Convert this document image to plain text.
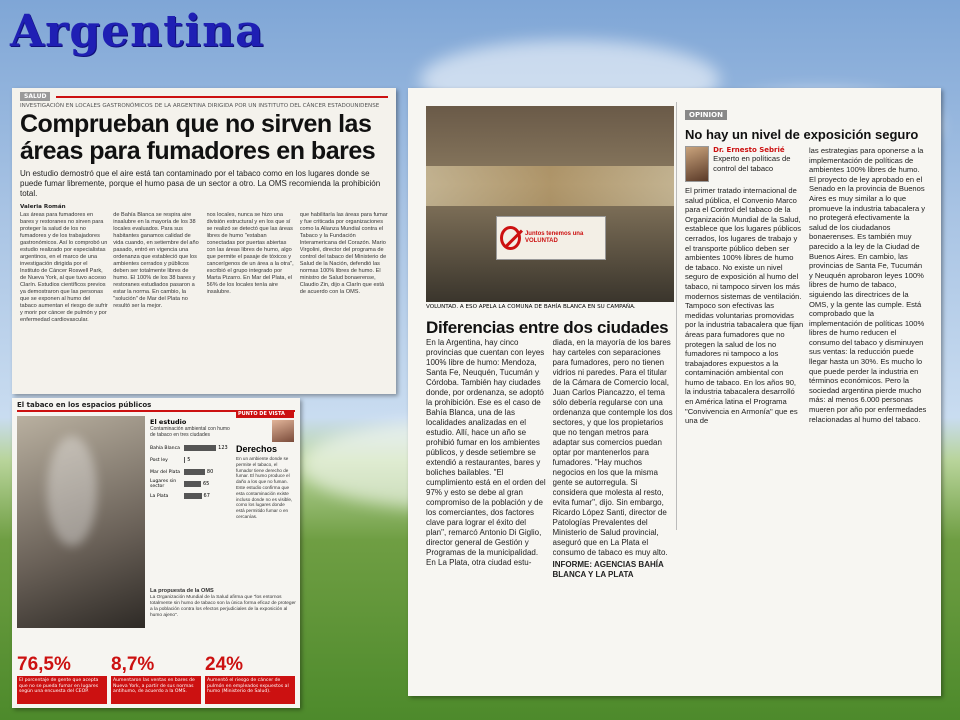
Argentina
SALUD
INVESTIGACIÓN EN LOCALES GASTRONÓMICOS DE LA ARGENTINA DIRIGIDA POR UN INSTITUTO DEL CÁNCER ESTADOUNIDENSE
Comprueban que no sirven las áreas para fumadores en bares
Un estudio demostró que el aire está tan contaminado por el tabaco como en los lugares donde se puede fumar libremente, porque el humo pasa de un sector a otro. La OMS recomienda la prohibición total.
Valeria Román
Las áreas para fumadores en bares y restoranes no sirven para proteger la salud de los no fumadores y de los trabajadores gastronómicos. Así lo comprobó un estudio realizado por especialistas argentinos, en el marco de una investigación dirigida por el Instituto de Cáncer Roswell Park, de Nueva York, al que tuvo acceso Clarín. Estudios científicos previos ya demostraron que las personas que se exponen al humo del tabaco aumentan el riesgo de sufrir y morir por cáncer de pulmón y por enfermedad cardiovascular.
de Bahía Blanca se respira aire insalubre en la mayoría de los 38 locales evaluados. Para sus habitantes ganamos calidad de vida cuando, en setiembre del año pasado, entró en vigencia una ordenanza que estableció que los ambientes cerrados y públicos deben ser totalmente libres de humo. El 100% de los 38 bares y restoranes estudiados pasaron a estar la norma. En cambio, la "solución" de Mar del Plata no resultó ser la mejor.
nos locales, nunca se hizo una división estructural y en los que sí se realizó se detectó que las áreas libres de humo "estaban conectadas por puertas abiertas con las áreas libres de humo, algo que permite el pasaje de tóxicos y cancerígenos de un área a la otra", escribió el grupo integrado por Marta Pizarro. En Mar del Plata, el 56% de los locales tenía aire insalubre.
que habilitaría las áreas para fumar y fue criticada por organizaciones como la Alianza Mundial contra el Tabaco y la Fundación Interamericana del Corazón. Mario Virgolini, director del programa de control del tabaco del Ministerio de Salud de la Nación, defendió las normas 100% libres de humo. El ministro de Salud bonaerense, Claudio Zin, dijo a Clarín que está de acuerdo con la OMS.
El tabaco en los espacios públicos
El estudio
Contaminación ambiental con humo de tabaco en tres ciudades
Bahía Blanca	123
Post ley	5
Mar del Plata	80
Lugares sin sector	65
La Plata	67
PUNTO DE VISTA
Derechos
En un ambiente donde se permite el tabaco, el fumador tiene derecho de fumar. El humo produce el daño a los que no fuman. Este estudio confirma que esta contaminación existe incluso donde no es visible, como los lugares donde está permitido fumar o en cercanías.
La propuesta de la OMS
La Organización Mundial de la Salud afirma que "los entornos totalmente sin humo de tabaco son la única forma eficaz de proteger a la población contra los efectos perjudiciales de la exposición al humo ajeno".
76,5%
El porcentaje de gente que acepta que no se pueda fumar en lugares según una encuesta del CEOP.
8,7%
Aumentaron las ventas en bares de Nueva York, a partir de sus normas antihumo, de acuerdo a la OMS.
24%
Aumentó el riesgo de cáncer de pulmón en empleados expuestos al humo (Ministerio de Salud).
Juntos tenemos una VOLUNTAD
VOLUNTAD. A ESO APELA LA COMUNA DE BAHÍA BLANCA EN SU CAMPAÑA.
Diferencias entre dos ciudades
En la Argentina, hay cinco provincias que cuentan con leyes 100% libre de humo: Mendoza, Santa Fe, Neuquén, Tucumán y Córdoba. También hay ciudades donde, por ordenanza, se adoptó la prohibición. Ese es el caso de Bahía Blanca, una de las localidades analizadas en el estudio. Allí, hace un año se prohibió fumar en los ambientes públicos, y desde setiembre se extendió a restaurantes, bares y boliches bailables. "El cumplimiento está en el orden del 97% y esto se debe al gran compromiso de la población y de los comerciantes, dos factores clave para lograr el éxito del plan", remarcó Antonio Di Giglio, director general de Gestión y Programas de la municipalidad. En La Plata, otra ciudad estu-
diada, en la mayoría de los bares hay carteles con separaciones para fumadores, pero no tienen vidrios ni paredes. Para el titular de la Cámara de Comercio local, Juan Carlos Piancazzo, el tema sólo debería regularse con una ordenanza que contemple los dos sectores, y que los propietarios que no tengan metros para adaptar sus comercios puedan optar por mantenerlos para fumadores. "Hay muchos negocios en los que la misma gente se autorregula. Si considera que molesta al resto, evita fumar", dijo. Sin embargo, Ricardo López Santi, director de Patologías Prevalentes del Ministerio de Salud provincial, aseguró que en La Plata el consumo de tabaco es muy alto.
INFORME: AGENCIAS BAHÍA BLANCA Y LA PLATA
OPINION
No hay un nivel de exposición seguro
Dr. Ernesto Sebrié
Experto en políticas de control del tabaco
El primer tratado internacional de salud pública, el Convenio Marco para el Control del tabaco de la Organización Mundial de la Salud, establece que los lugares públicos cerrados, los lugares de trabajo y el transporte público deben ser ambientes 100% libres de humo de tabaco. No existe un nivel seguro de exposición al humo del tabaco, ni tampoco sirven los más modernos sistemas de ventilación. Tampoco son efectivas las medidas voluntarias promovidas por la industria tabacalera que fijan áreas para fumadores que no protegen la salud de los no fumadores ni tampoco a los trabajadores expuestos a la contaminación ambiental con humo de tabaco. En los años 90, la industria tabacalera desarrolló en América latina el Programa "Convivencia en Armonía" que es una de
las estrategias para oponerse a la implementación de políticas de ambientes 100% libres de humo. El proyecto de ley aprobado en el Senado en la provincia de Buenos Aires es muy similar a lo que promueve la industria tabacalera y no protegerá efectivamente la salud de los ciudadanos bonaerenses. Es también muy parecido a la ley de la Ciudad de Buenos Aires. En cambio, las provincias de Santa Fe, Tucumán y Neuquén aprobaron leyes 100% libres de humo de tabaco, siguiendo las directrices de la OMS, y la gente las cumple. Está comprobado que la implementación de políticas 100% libres de humo reducen el consumo del tabaco y disminuyen sus ventas: la reducción puede llegar hasta un 30%. Es mucho lo que puede perder la industria en términos económicos. Pero la sociedad argentina pierde mucho más: al menos 6.000 personas mueren por año por enfermedades relacionadas al humo del tabaco.
